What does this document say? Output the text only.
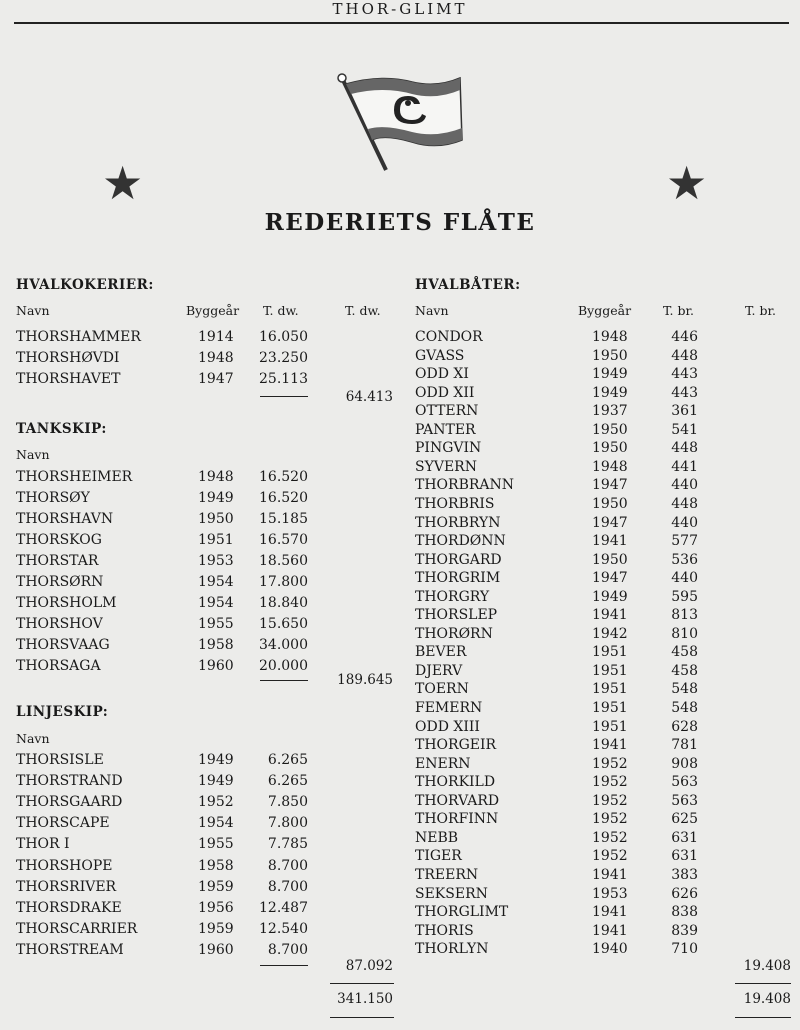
THOR-GLIMT
★	★
REDERIETS FLÅTE
HVALKOKERIER:
Navn	Byggeår T. dw.	T. dw.
THORSHAMMER	1914	16.050
THORSHØVDI	1948	23.250
THORSHAVET	1947	25.113
64.413
TANKSKIP:
Navn
THORSHEIMER	1948	16.520
THORSØY	1949	16.520
THORSHAVN	1950	15.185
THORSKOG	1951	16.570
THORSTAR	1953	18.560
THORSØRN	1954	17.800
THORSHOLM	1954	18.840
THORSHOV	1955	15.650
THORSVAAG	1958	34.000
THORSAGA	1960	20.000
189.645
LINJESKIP:
Navn
THORSISLE	1949	6.265
THORSTRAND	1949	6.265
THORSGAARD	1952	7.850
THORSCAPE	1954	7.800
THOR I	1955	7.785
THORSHOPE	1958	8.700
THORSRIVER	1959	8.700
THORSDRAKE	1956	12.487
THORSCARRIER	1959	12.540
THORSTREAM	1960	8.700
87.092
341.150
HVALBÅTER:
Navn	Byggeår	T. br.	T. br.
CONDOR	1948	446
GVASS	1950	448
ODD XI	1949	443
ODD XII	1949	443
OTTERN	1937	361
PANTER	1950	541
PINGVIN	1950	448
SYVERN	1948	441
THORBRANN	1947	440
THORBRIS	1950	448
THORBRYN	1947	440
THORDØNN	1941	577
THORGARD	1950	536
THORGRIM	1947	440
THORGRY	1949	595
THORSLEP	1941	813
THORØRN	1942	810
BEVER	1951	458
DJERV	1951	458
TOERN	1951	548
FEMERN	1951	548
ODD XIII	1951	628
THORGEIR	1941	781
ENERN	1952	908
THORKILD	1952	563
THORVARD	1952	563
THORFINN	1952	625
NEBB	1952	631
TIGER	1952	631
TREERN	1941	383
SEKSERN	1953	626
THORGLIMT	1941	838
THORIS	1941	839
THORLYN	1940	710
19.408
19.408
